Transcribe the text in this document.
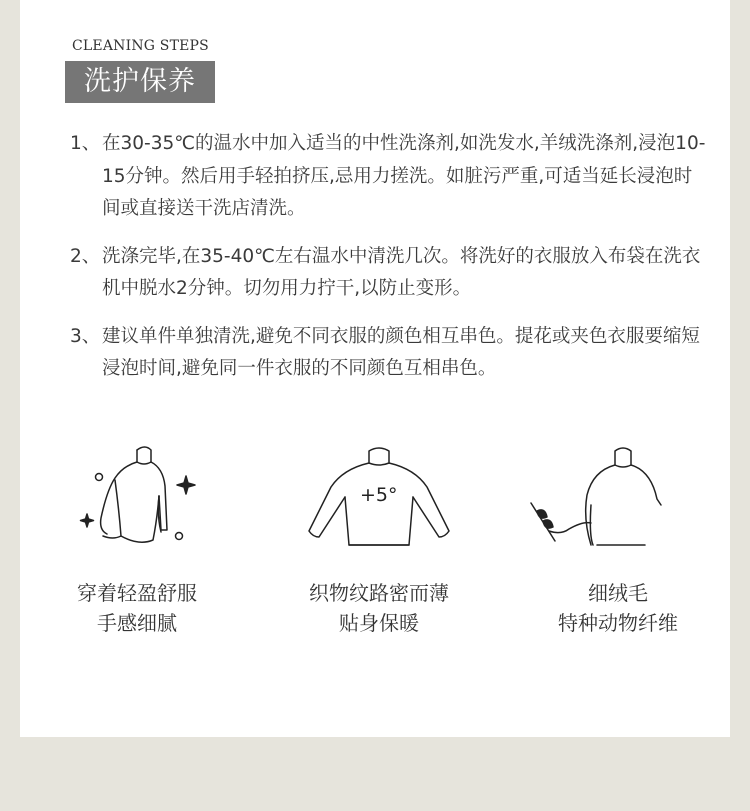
CLEANING STEPS
洗护保养
1、 在30-35℃的温水中加入适当的中性洗涤剂,如洗发水,羊绒洗涤剂,浸泡10-15分钟。然后用手轻拍挤压,忌用力搓洗。如脏污严重,可适当延长浸泡时间或直接送干洗店清洗。
2、 洗涤完毕,在35-40℃左右温水中清洗几次。将洗好的衣服放入布袋在洗衣机中脱水2分钟。切勿用力拧干,以防止变形。
3、 建议单件单独清洗,避免不同衣服的颜色相互串色。提花或夹色衣服要缩短浸泡时间,避免同一件衣服的不同颜色互相串色。
+5°
穿着轻盈舒服
手感细腻
织物纹路密而薄
贴身保暖
细绒毛
特种动物纤维
